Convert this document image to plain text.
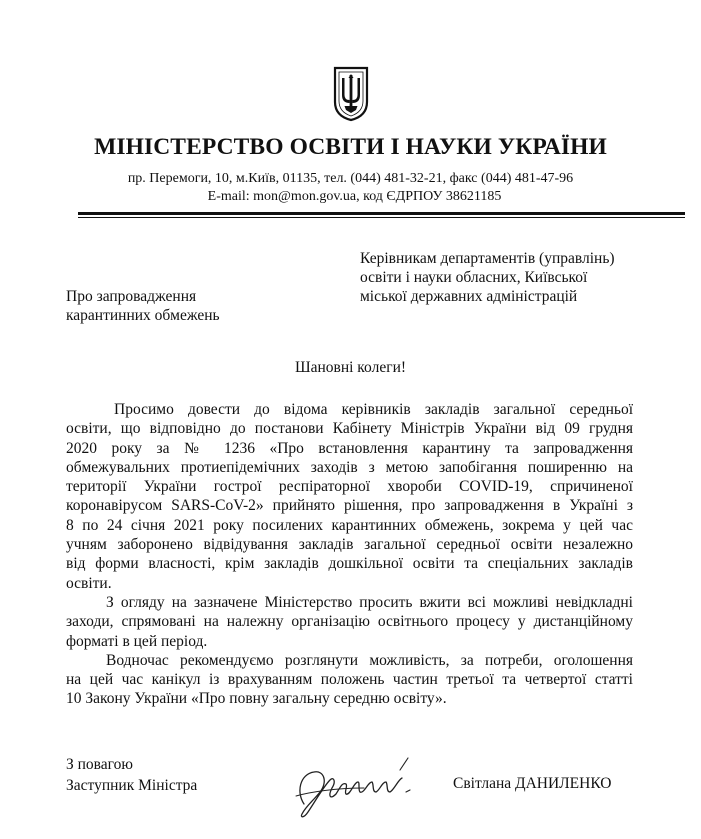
МІНІСТЕРСТВО ОСВІТИ І НАУКИ УКРАЇНИ
пр. Перемоги, 10, м.Київ, 01135, тел. (044) 481-32-21, факс (044) 481-47-96
E-mail: mon@mon.gov.ua, код ЄДРПОУ 38621185
Керівникам департаментів (управлінь)
освіти і науки обласних, Київської
міської державних адміністрацій
Про запровадження
карантинних обмежень
Шановні колеги!

Просимо довести до відома керівників закладів загальної середньої

освіти, що відповідно до постанови Кабінету Міністрів України від 09 грудня

2020 року за № 1236 «Про встановлення карантину та запровадження

обмежувальних протиепідемічних заходів з метою запобігання поширенню на

території України гострої респіраторної хвороби COVID-19, спричиненої

коронавірусом SARS-CoV-2» прийнято рішення, про запровадження в Україні з

8 по 24 січня 2021 року посилених карантинних обмежень, зокрема у цей час

учням заборонено відвідування закладів загальної середньої освіти незалежно

від форми власності, крім закладів дошкільної освіти та спеціальних закладів

освіти.

З огляду на зазначене Міністерство просить вжити всі можливі невідкладні

заходи, спрямовані на належну організацію освітнього процесу у дистанційному

форматі в цей період.

Водночас рекомендуємо розглянути можливість, за потреби, оголошення

на цей час канікул із врахуванням положень частин третьої та четвертої статті

10 Закону України «Про повну загальну середню освіту».

З повагою
Заступник Міністра	Світлана ДАНИЛЕНКО
